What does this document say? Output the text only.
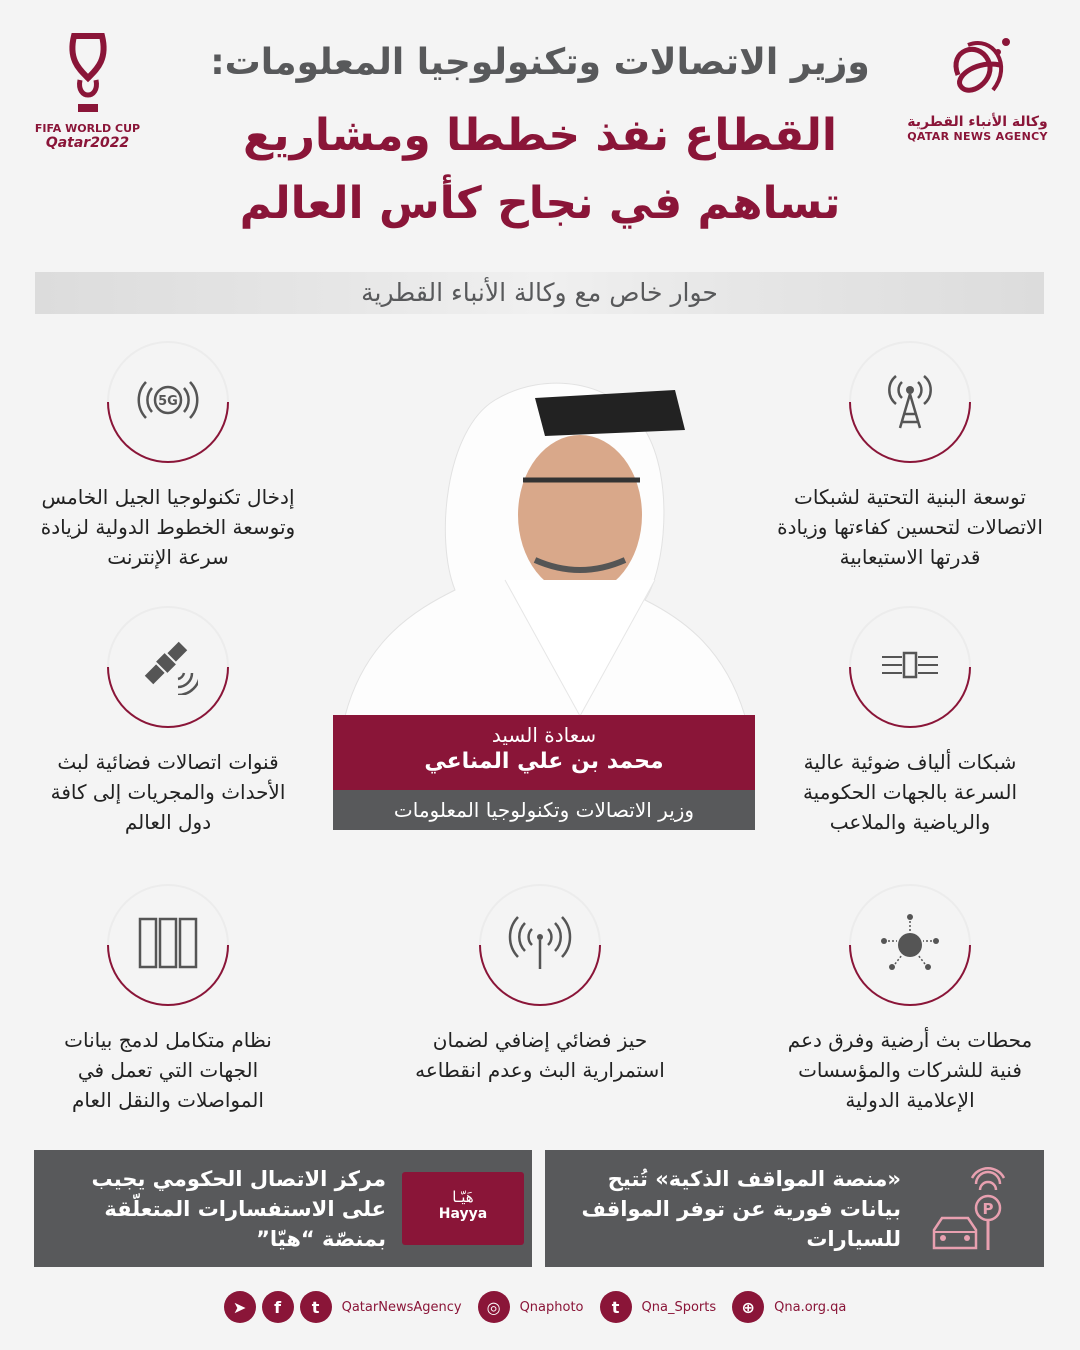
وكالة الأنباء القطرية
QATAR NEWS AGENCY
FIFA WORLD CUP
Qatar2022
وزير الاتصالات وتكنولوجيا المعلومات:
القطاع نفذ خططا ومشاريع
تساهم في نجاح كأس العالم
حوار خاص مع وكالة الأنباء القطرية
سعادة السيد
محمد بن علي المناعي
وزير الاتصالات وتكنولوجيا المعلومات
5G
إدخال تكنولوجيا الجيل الخامس وتوسعة الخطوط الدولية لزيادة سرعة الإنترنت
توسعة البنية التحتية لشبكات الاتصالات لتحسين كفاءتها وزيادة قدرتها الاستيعابية
قنوات اتصالات فضائية لبث الأحداث والمجريات إلى كافة دول العالم
شبكات ألياف ضوئية عالية السرعة بالجهات الحكومية والرياضية والملاعب
نظام متكامل لدمج بيانات الجهات التي تعمل في المواصلات والنقل العام
حيز فضائي إضافي لضمان استمرارية البث وعدم انقطاعه
محطات بث أرضية وفرق دعم فنية للشركات والمؤسسات الإعلامية الدولية
مركز الاتصال الحكومي يجيب على الاستفسارات المتعلّقة بمنصّة “هيّا”
هَيّـا
Hayya
«منصة المواقف الذكية» تُتيح بيانات فورية عن توفر المواقف للسيارات
P
➤	f	t	QatarNewsAgency	◎	Qnaphoto	t	Qna_Sports	⊕	Qna.org.qa
